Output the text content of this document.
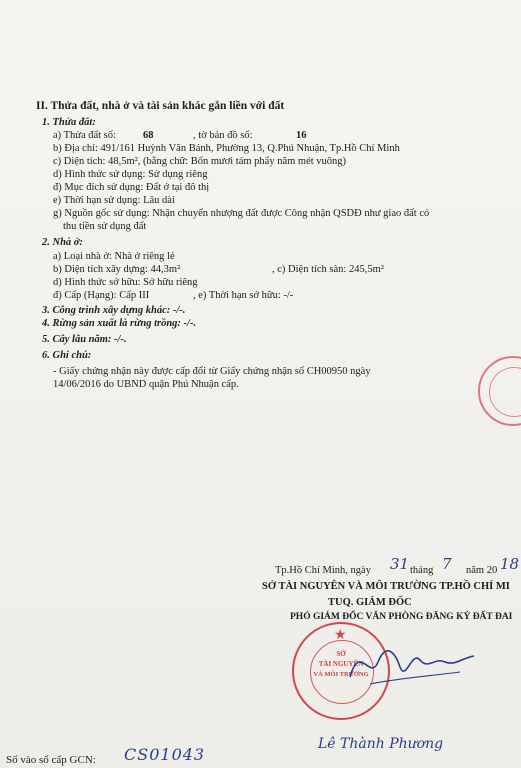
II. Thửa đất, nhà ở và tài sản khác gắn liền với đất
1. Thửa đất:
a) Thửa đất số:	68	, tờ bản đồ số:	16
b) Địa chỉ: 491/161 Huỳnh Văn Bánh, Phường 13, Q.Phú Nhuận, Tp.Hồ Chí Minh
c) Diện tích: 48,5m², (bằng chữ: Bốn mươi tám phẩy năm mét vuông)
d) Hình thức sử dụng: Sử dụng riêng
đ) Mục đích sử dụng: Đất ở tại đô thị
e) Thời hạn sử dụng: Lâu dài
g) Nguồn gốc sử dụng: Nhận chuyển nhượng đất được Công nhận QSDĐ như giao đất có
thu tiền sử dụng đất
2. Nhà ở:
a) Loại nhà ở: Nhà ở riêng lẻ
b) Diện tích xây dựng: 44,3m²	, c) Diện tích sàn: 245,5m²
d) Hình thức sở hữu: Sở hữu riêng
đ) Cấp (Hạng): Cấp III	, e) Thời hạn sở hữu: -/-
3. Công trình xây dựng khác: -/-.
4. Rừng sản xuất là rừng trồng: -/-.
5. Cây lâu năm: -/-.
6. Ghi chú:
- Giấy chứng nhận này được cấp đổi từ Giấy chứng nhận số CH00950 ngày
14/06/2016 do UBND quận Phú Nhuận cấp.
Tp.Hồ Chí Minh, ngày 31 tháng 7 năm 20 18
SỞ TÀI NGUYÊN VÀ MÔI TRƯỜNG TP.HỒ CHÍ MI
TUQ. GIÁM ĐỐC
PHÓ GIÁM ĐỐC VĂN PHÒNG ĐĂNG KÝ ĐẤT ĐAI
★
SỞ
TÀI NGUYÊN
VÀ MÔI TRƯỜNG
Lê Thành Phương
Số vào sổ cấp GCN: CS01043
